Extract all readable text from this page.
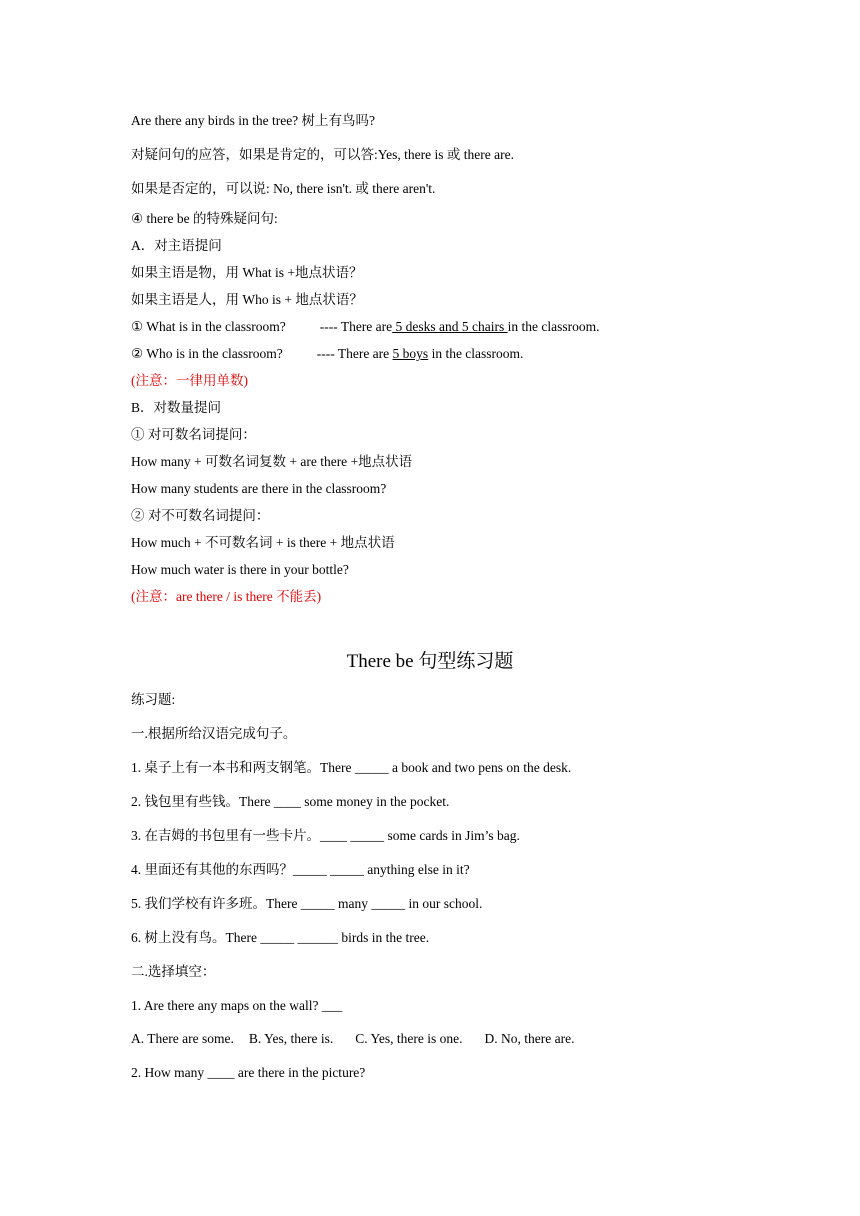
Are there any birds in the tree? 树上有鸟吗?
对疑问句的应答，如果是肯定的，可以答:Yes, there is 或 there are.
如果是否定的，可以说: No, there isn't. 或 there aren't.
④ there be 的特殊疑问句:
A．对主语提问
如果主语是物，用 What is +地点状语？
如果主语是人，用 Who is + 地点状语？
① What is in the classroom?	---- There are 5 desks and 5 chairs in the classroom.
② Who is in the classroom?	---- There are 5 boys in the classroom.
(注意：一律用单数)
B．对数量提问
① 对可数名词提问：
How many + 可数名词复数 + are there +地点状语
How many students are there in the classroom?
② 对不可数名词提问：
How much + 不可数名词 + is there + 地点状语
How much water is there in your bottle?
(注意：are there / is there 不能丢)
There be 句型练习题
练习题:
一.根据所给汉语完成句子。
1. 桌子上有一本书和两支钢笔。There _____ a book and two pens on the desk.
2. 钱包里有些钱。There ____ some money in the pocket.
3. 在吉姆的书包里有一些卡片。____ _____ some cards in Jim’s bag.
4. 里面还有其他的东西吗？_____ _____ anything else in it?
5. 我们学校有许多班。There _____ many _____ in our school.
6. 树上没有鸟。There _____ ______ birds in the tree.
二.选择填空：
1. Are there any maps on the wall? ___
A. There are some. B. Yes, there is. C. Yes, there is one. D. No, there are.
2. How many ____ are there in the picture?
